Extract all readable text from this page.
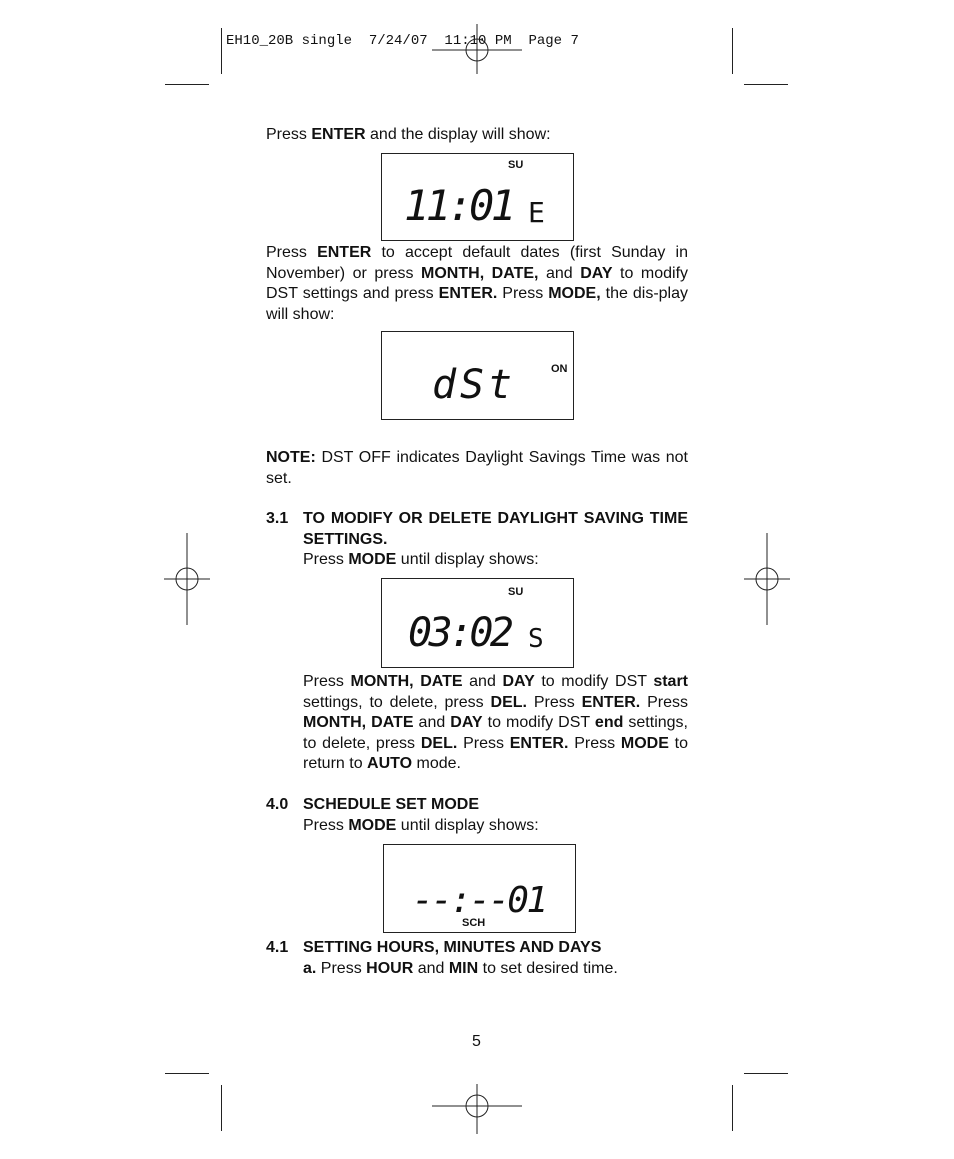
EH10_20B single  7/24/07  11:10 PM  Page 7
Press ENTER and the display will show:
SU
11:01 E
Press ENTER to accept default dates (first Sunday in November) or press MONTH, DATE, and DAY to modify DST settings and press ENTER. Press MODE, the dis-play will show:
ON
dSt
NOTE: DST OFF indicates Daylight Savings Time was not set.
3.1 TO MODIFY OR DELETE DAYLIGHT SAVING TIME SETTINGS.
Press MODE until display shows:
SU
03:02 S
Press MONTH, DATE and DAY to modify DST start settings, to delete, press DEL. Press ENTER. Press MONTH, DATE and DAY to modify DST end settings, to delete, press DEL. Press ENTER. Press MODE to return to AUTO mode.
4.0 SCHEDULE SET MODE
Press MODE until display shows:
--:--01
SCH
4.1 SETTING HOURS, MINUTES AND DAYS
a. Press HOUR and MIN to set desired time.
5
